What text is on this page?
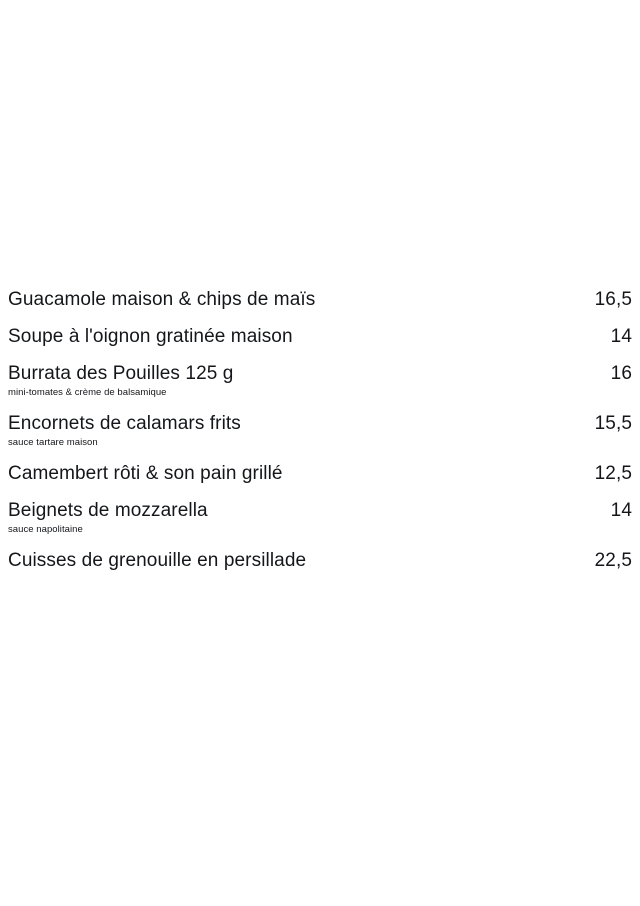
Guacamole maison & chips de maïs	16,5
Soupe à l'oignon gratinée maison	14
Burrata des Pouilles 125 g	16
mini-tomates & crème de balsamique
Encornets de calamars frits	15,5
sauce tartare maison
Camembert rôti & son pain grillé	12,5
Beignets de mozzarella	14
sauce napolitaine
Cuisses de grenouille en persillade	22,5
